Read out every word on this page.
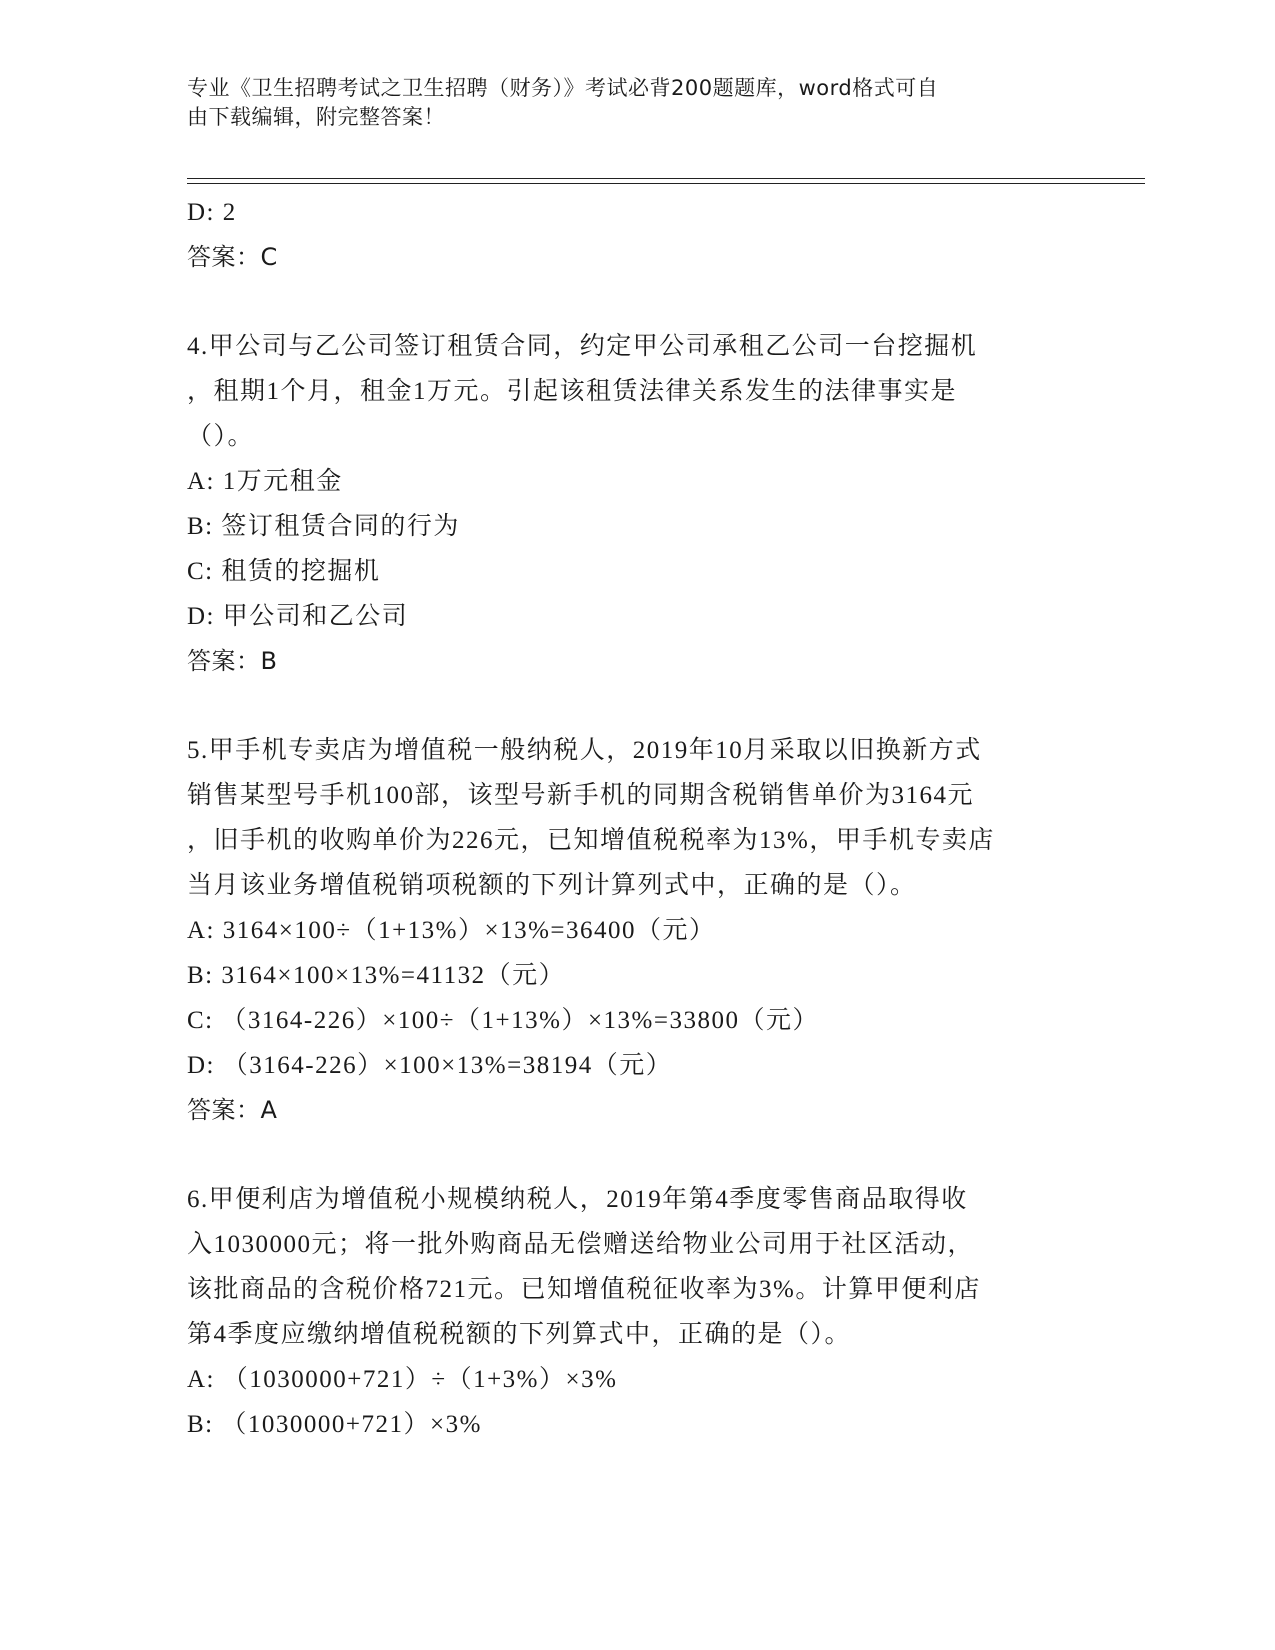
专业《卫生招聘考试之卫生招聘（财务）》考试必背200题题库，word格式可自
由下载编辑，附完整答案！
D: 2
答案：C
4.甲公司与乙公司签订租赁合同，约定甲公司承租乙公司一台挖掘机
，租期1个月，租金1万元。引起该租赁法律关系发生的法律事实是
（）。
A: 1万元租金
B: 签订租赁合同的行为
C: 租赁的挖掘机
D: 甲公司和乙公司
答案：B
5.甲手机专卖店为增值税一般纳税人，2019年10月采取以旧换新方式
销售某型号手机100部，该型号新手机的同期含税销售单价为3164元
，旧手机的收购单价为226元，已知增值税税率为13%，甲手机专卖店
当月该业务增值税销项税额的下列计算列式中，正确的是（）。
A: 3164×100÷（1+13%）×13%=36400（元）
B: 3164×100×13%=41132（元）
C: （3164-226）×100÷（1+13%）×13%=33800（元）
D: （3164-226）×100×13%=38194（元）
答案：A
6.甲便利店为增值税小规模纳税人，2019年第4季度零售商品取得收
入1030000元；将一批外购商品无偿赠送给物业公司用于社区活动，
该批商品的含税价格721元。已知增值税征收率为3%。计算甲便利店
第4季度应缴纳增值税税额的下列算式中，正确的是（）。
A: （1030000+721）÷（1+3%）×3%
B: （1030000+721）×3%
